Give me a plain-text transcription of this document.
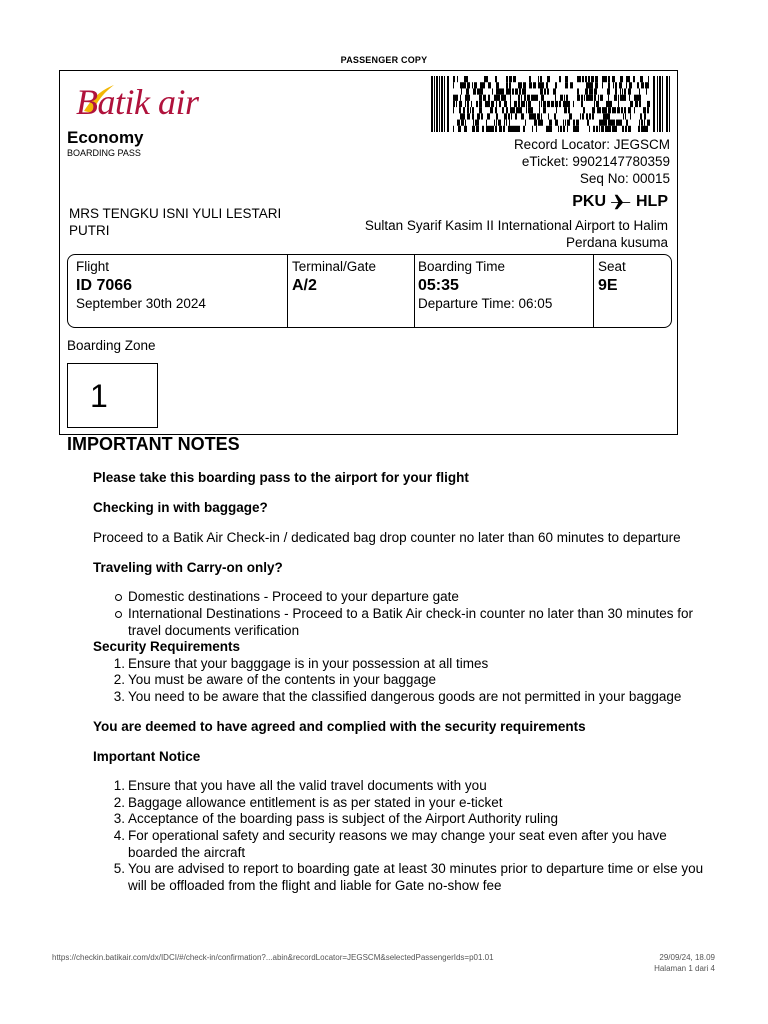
PASSENGER COPY
Batik air
Economy
BOARDING PASS
Record Locator: JEGSCM
eTicket: 9902147780359
Seq No: 00015
PKU HLP
Sultan Syarif Kasim II International Airport to Halim Perdana kusuma
MRS TENGKU ISNI YULI LESTARI PUTRI
Flight
ID 7066
September 30th 2024
Terminal/Gate
A/2
Boarding Time
05:35
Departure Time: 06:05
Seat
9E
Boarding Zone
1
IMPORTANT NOTES
Please take this boarding pass to the airport for your flight
Checking in with baggage?
Proceed to a Batik Air Check-in / dedicated bag drop counter no later than 60 minutes to departure
Traveling with Carry-on only?
Domestic destinations - Proceed to your departure gate
International Destinations - Proceed to a Batik Air check-in counter no later than 30 minutes for travel documents verification
Security Requirements
1. Ensure that your bagggage is in your possession at all times
2. You must be aware of the contents in your baggage
3. You need to be aware that the classified dangerous goods are not permitted in your baggage
You are deemed to have agreed and complied with the security requirements
Important Notice
1. Ensure that you have all the valid travel documents with you
2. Baggage allowance entitlement is as per stated in your e-ticket
3. Acceptance of the boarding pass is subject of the Airport Authority ruling
4. For operational safety and security reasons we may change your seat even after you have boarded the aircraft
5. You are advised to report to boarding gate at least 30 minutes prior to departure time or else you will be offloaded from the flight and liable for Gate no-show fee
https://checkin.batikair.com/dx/IDCI/#/check-in/confirmation?...abin&recordLocator=JEGSCM&selectedPassengerIds=p01.01	29/09/24, 18.09
Halaman 1 dari 4
